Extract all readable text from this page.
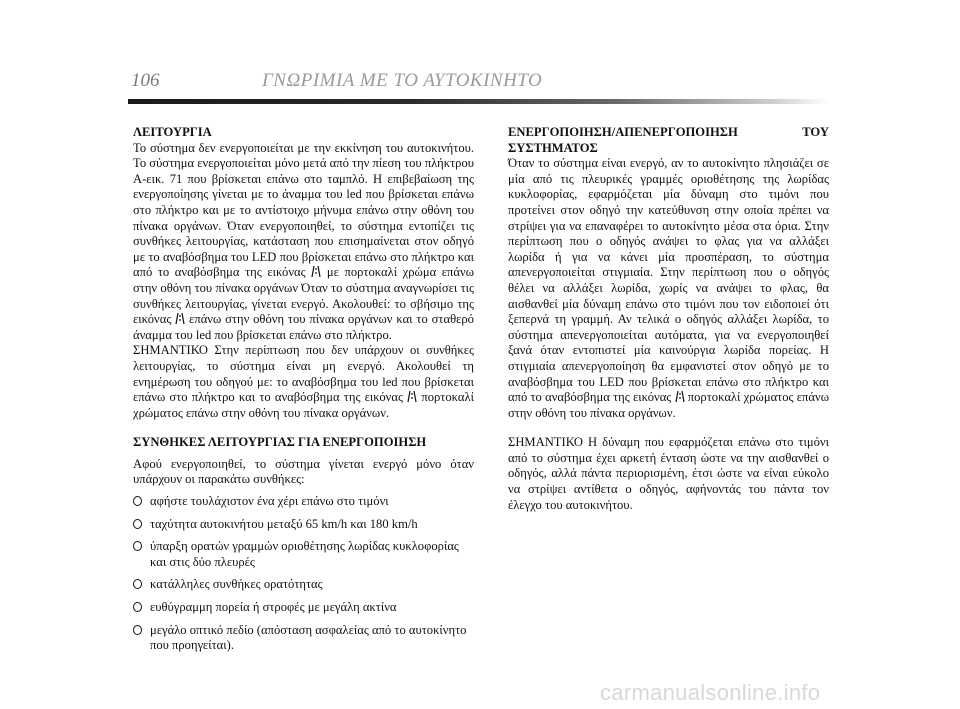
106	ΓΝΩΡΙΜΙΑ ΜΕ ΤΟ ΑΥΤΟΚΙΝΗΤΟ

ΛΕΙΤΟΥΡΓΙΑ

Το σύστημα δεν ενεργοποιείται με την εκκίνηση του αυτοκινήτου. Το σύστημα ενεργοποιείται μόνο μετά από την πίεση του πλήκτρου Α-εικ. 71 που βρίσκεται επάνω στο ταμπλό. Η επιβεβαίωση της ενεργοποίησης γίνεται με το άναμμα του led που βρίσκεται επάνω στο πλήκτρο και με το αντίστοιχο μήνυμα επάνω στην οθόνη του πίνακα οργάνων. Όταν ενεργοποιηθεί, το σύστημα εντοπίζει τις συνθήκες λειτουργίας, κατάσταση που επισημαίνεται στον οδηγό με το αναβόσβημα του LED που βρίσκεται επάνω στο πλήκτρο και από το αναβόσβημα της εικόνας με πορτοκαλί χρώμα επάνω στην οθόνη του πίνακα οργάνων Όταν το σύστημα αναγνωρίσει τις συνθήκες λειτουργίας, γίνεται ενεργό. Ακολουθεί: το σβήσιμο της εικόνας επάνω στην οθόνη του πίνακα οργάνων και το σταθερό άναμμα του led που βρίσκεται επάνω στο πλήκτρο.

ΣΗΜΑΝΤΙΚΟ Στην περίπτωση που δεν υπάρχουν οι συνθήκες λειτουργίας, το σύστημα είναι μη ενεργό. Ακολουθεί τη ενημέρωση του οδηγού με: το αναβόσβημα του led που βρίσκεται επάνω στο πλήκτρο και το αναβόσβημα της εικόνας πορτοκαλί χρώματος επάνω στην οθόνη του πίνακα οργάνων.

ΣΥΝΘΗΚΕΣ ΛΕΙΤΟΥΡΓΙΑΣ ΓΙΑ ΕΝΕΡΓΟΠΟΙΗΣΗ

Αφού ενεργοποιηθεί, το σύστημα γίνεται ενεργό μόνο όταν υπάρχουν οι παρακάτω συνθήκες:

αφήστε τουλάχιστον ένα χέρι επάνω στο τιμόνι
ταχύτητα αυτοκινήτου μεταξύ 65 km/h και 180 km/h
ύπαρξη ορατών γραμμών οριοθέτησης λωρίδας κυκλοφορίας και στις δύο πλευρές
κατάλληλες συνθήκες ορατότητας
ευθύγραμμη πορεία ή στροφές με μεγάλη ακτίνα
μεγάλο οπτικό πεδίο (απόσταση ασφαλείας από το αυτοκίνητο που προηγείται).

ΕΝΕΡΓΟΠΟΙΗΣΗ/ΑΠΕΝΕΡΓΟΠΟΙΗΣΗ ΤΟΥ ΣΥΣΤΗΜΑΤΟΣ

Όταν το σύστημα είναι ενεργό, αν το αυτοκίνητο πλησιάζει σε μία από τις πλευρικές γραμμές οριοθέτησης της λωρίδας κυκλοφορίας, εφαρμόζεται μία δύναμη στο τιμόνι που προτείνει στον οδηγό την κατεύθυνση στην οποία πρέπει να στρίψει για να επαναφέρει το αυτοκίνητο μέσα στα όρια. Στην περίπτωση που ο οδηγός ανάψει το φλας για να αλλάξει λωρίδα ή για να κάνει μία προσπέραση, το σύστημα απενεργοποιείται στιγμιαία. Στην περίπτωση που ο οδηγός θέλει να αλλάξει λωρίδα, χωρίς να ανάψει το φλας, θα αισθανθεί μία δύναμη επάνω στο τιμόνι που τον ειδοποιεί ότι ξεπερνά τη γραμμή. Αν τελικά ο οδηγός αλλάξει λωρίδα, το σύστημα απενεργοποιείται αυτόματα, για να ενεργοποιηθεί ξανά όταν εντοπιστεί μία καινούργια λωρίδα πορείας. Η στιγμιαία απενεργοποίηση θα εμφανιστεί στον οδηγό με το αναβόσβημα του LED που βρίσκεται επάνω στο πλήκτρο και από το αναβόσβημα της εικόνας πορτοκαλί χρώματος επάνω στην οθόνη του πίνακα οργάνων.

ΣΗΜΑΝΤΙΚΟ Η δύναμη που εφαρμόζεται επάνω στο τιμόνι από το σύστημα έχει αρκετή ένταση ώστε να την αισθανθεί ο οδηγός, αλλά πάντα περιορισμένη, έτσι ώστε να είναι εύκολο να στρίψει αντίθετα ο οδηγός, αφήνοντάς του πάντα τον έλεγχο του αυτοκινήτου.

carmanualsonline.info
